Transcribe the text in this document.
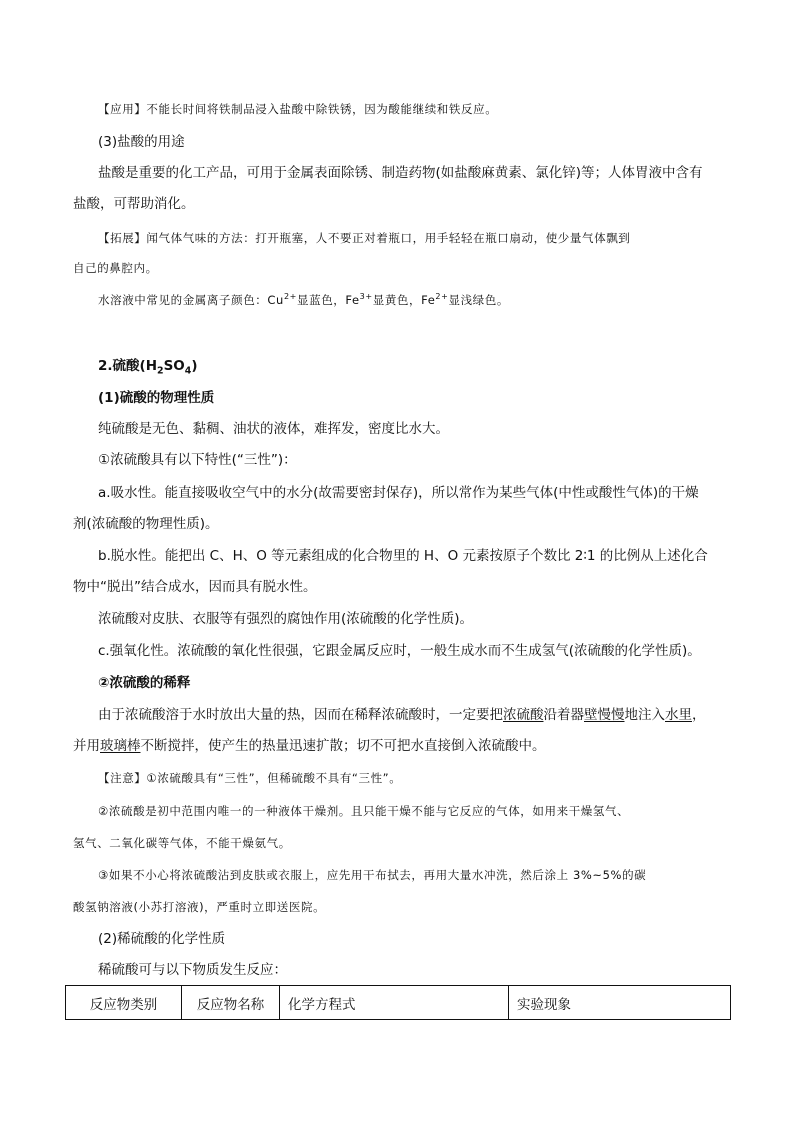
【应用】不能长时间将铁制品浸入盐酸中除铁锈，因为酸能继续和铁反应。
(3)盐酸的用途
盐酸是重要的化工产品，可用于金属表面除锈、制造药物(如盐酸麻黄素、氯化锌)等；人体胃液中含有
盐酸，可帮助消化。
【拓展】闻气体气味的方法：打开瓶塞，人不要正对着瓶口，用手轻轻在瓶口扇动，使少量气体飘到
自己的鼻腔内。
水溶液中常见的金属离子颜色：$Cu^{2+}$显蓝色，$Fe^{3+}$显黄色，$Fe^{2+}$显浅绿色。
2.硫酸$(H_2SO_4)$
(1)硫酸的物理性质
纯硫酸是无色、黏稠、油状的液体，难挥发，密度比水大。
①浓硫酸具有以下特性(“三性”)：
a.吸水性。能直接吸收空气中的水分(故需要密封保存)，所以常作为某些气体(中性或酸性气体)的干燥
剂(浓硫酸的物理性质)。
b.脱水性。能把出 C、H、O 等元素组成的化合物里的 H、O 元素按原子个数比 2∶1 的比例从上述化合
物中“脱出”结合成水，因而具有脱水性。
浓硫酸对皮肤、衣服等有强烈的腐蚀作用(浓硫酸的化学性质)。
c.强氧化性。浓硫酸的氧化性很强，它跟金属反应时，一般生成水而不生成氢气(浓硫酸的化学性质)。
②浓硫酸的稀释
由于浓硫酸溶于水时放出大量的热，因而在稀释浓硫酸时，一定要把浓硫酸沿着器壁慢慢地注入水里，
并用玻璃棒不断搅拌，使产生的热量迅速扩散；切不可把水直接倒入浓硫酸中。
【注意】①浓硫酸具有“三性”，但稀硫酸不具有“三性”。
②浓硫酸是初中范围内唯一的一种液体干燥剂。且只能干燥不能与它反应的气体，如用来干燥氢气、
氢气、二氧化碳等气体，不能干燥氨气。
③如果不小心将浓硫酸沾到皮肤或衣服上，应先用干布拭去，再用大量水冲洗，然后涂上 3%~5%的碳
酸氢钠溶液(小苏打溶液)，严重时立即送医院。
(2)稀硫酸的化学性质
稀硫酸可与以下物质发生反应：
反应物类别	反应物名称	化学方程式	实验现象
